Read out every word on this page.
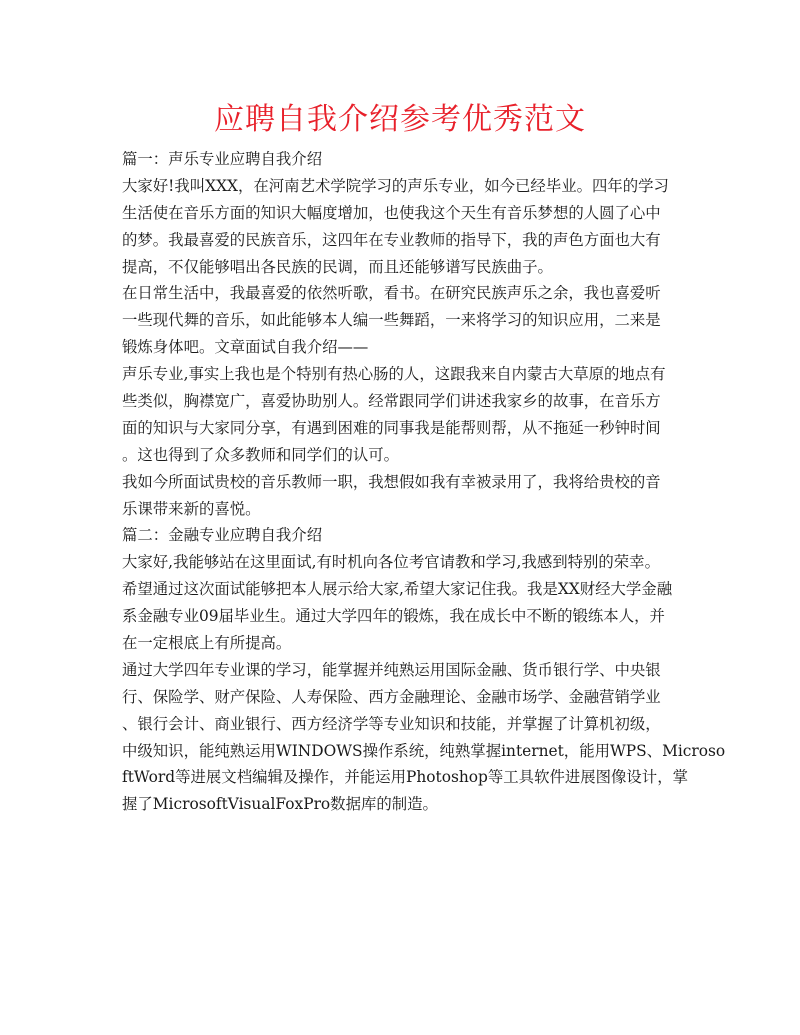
应聘自我介绍参考优秀范文
篇一：声乐专业应聘自我介绍
大家好!我叫XXX，在河南艺术学院学习的声乐专业，如今已经毕业。四年的学习
生活使在音乐方面的知识大幅度增加，也使我这个天生有音乐梦想的人圆了心中
的梦。我最喜爱的民族音乐，这四年在专业教师的指导下，我的声色方面也大有
提高，不仅能够唱出各民族的民调，而且还能够谱写民族曲子。
在日常生活中，我最喜爱的依然听歌，看书。在研究民族声乐之余，我也喜爱听
一些现代舞的音乐，如此能够本人编一些舞蹈，一来将学习的知识应用，二来是
锻炼身体吧。文章面试自我介绍——
声乐专业,事实上我也是个特别有热心肠的人，这跟我来自内蒙古大草原的地点有
些类似，胸襟宽广，喜爱协助别人。经常跟同学们讲述我家乡的故事，在音乐方
面的知识与大家同分享，有遇到困难的同事我是能帮则帮，从不拖延一秒钟时间
。这也得到了众多教师和同学们的认可。
我如今所面试贵校的音乐教师一职，我想假如我有幸被录用了，我将给贵校的音
乐课带来新的喜悦。
篇二：金融专业应聘自我介绍
大家好,我能够站在这里面试,有时机向各位考官请教和学习,我感到特别的荣幸。
希望通过这次面试能够把本人展示给大家,希望大家记住我。我是XX财经大学金融
系金融专业09届毕业生。通过大学四年的锻炼，我在成长中不断的锻练本人，并
在一定根底上有所提高。
通过大学四年专业课的学习，能掌握并纯熟运用国际金融、货币银行学、中央银
行、保险学、财产保险、人寿保险、西方金融理论、金融市场学、金融营销学业
、银行会计、商业银行、西方经济学等专业知识和技能，并掌握了计算机初级，
中级知识，能纯熟运用WINDOWS操作系统，纯熟掌握internet，能用WPS、Microso
ftWord等进展文档编辑及操作，并能运用Photoshop等工具软件进展图像设计，掌
握了MicrosoftVisualFoxPro数据库的制造。
